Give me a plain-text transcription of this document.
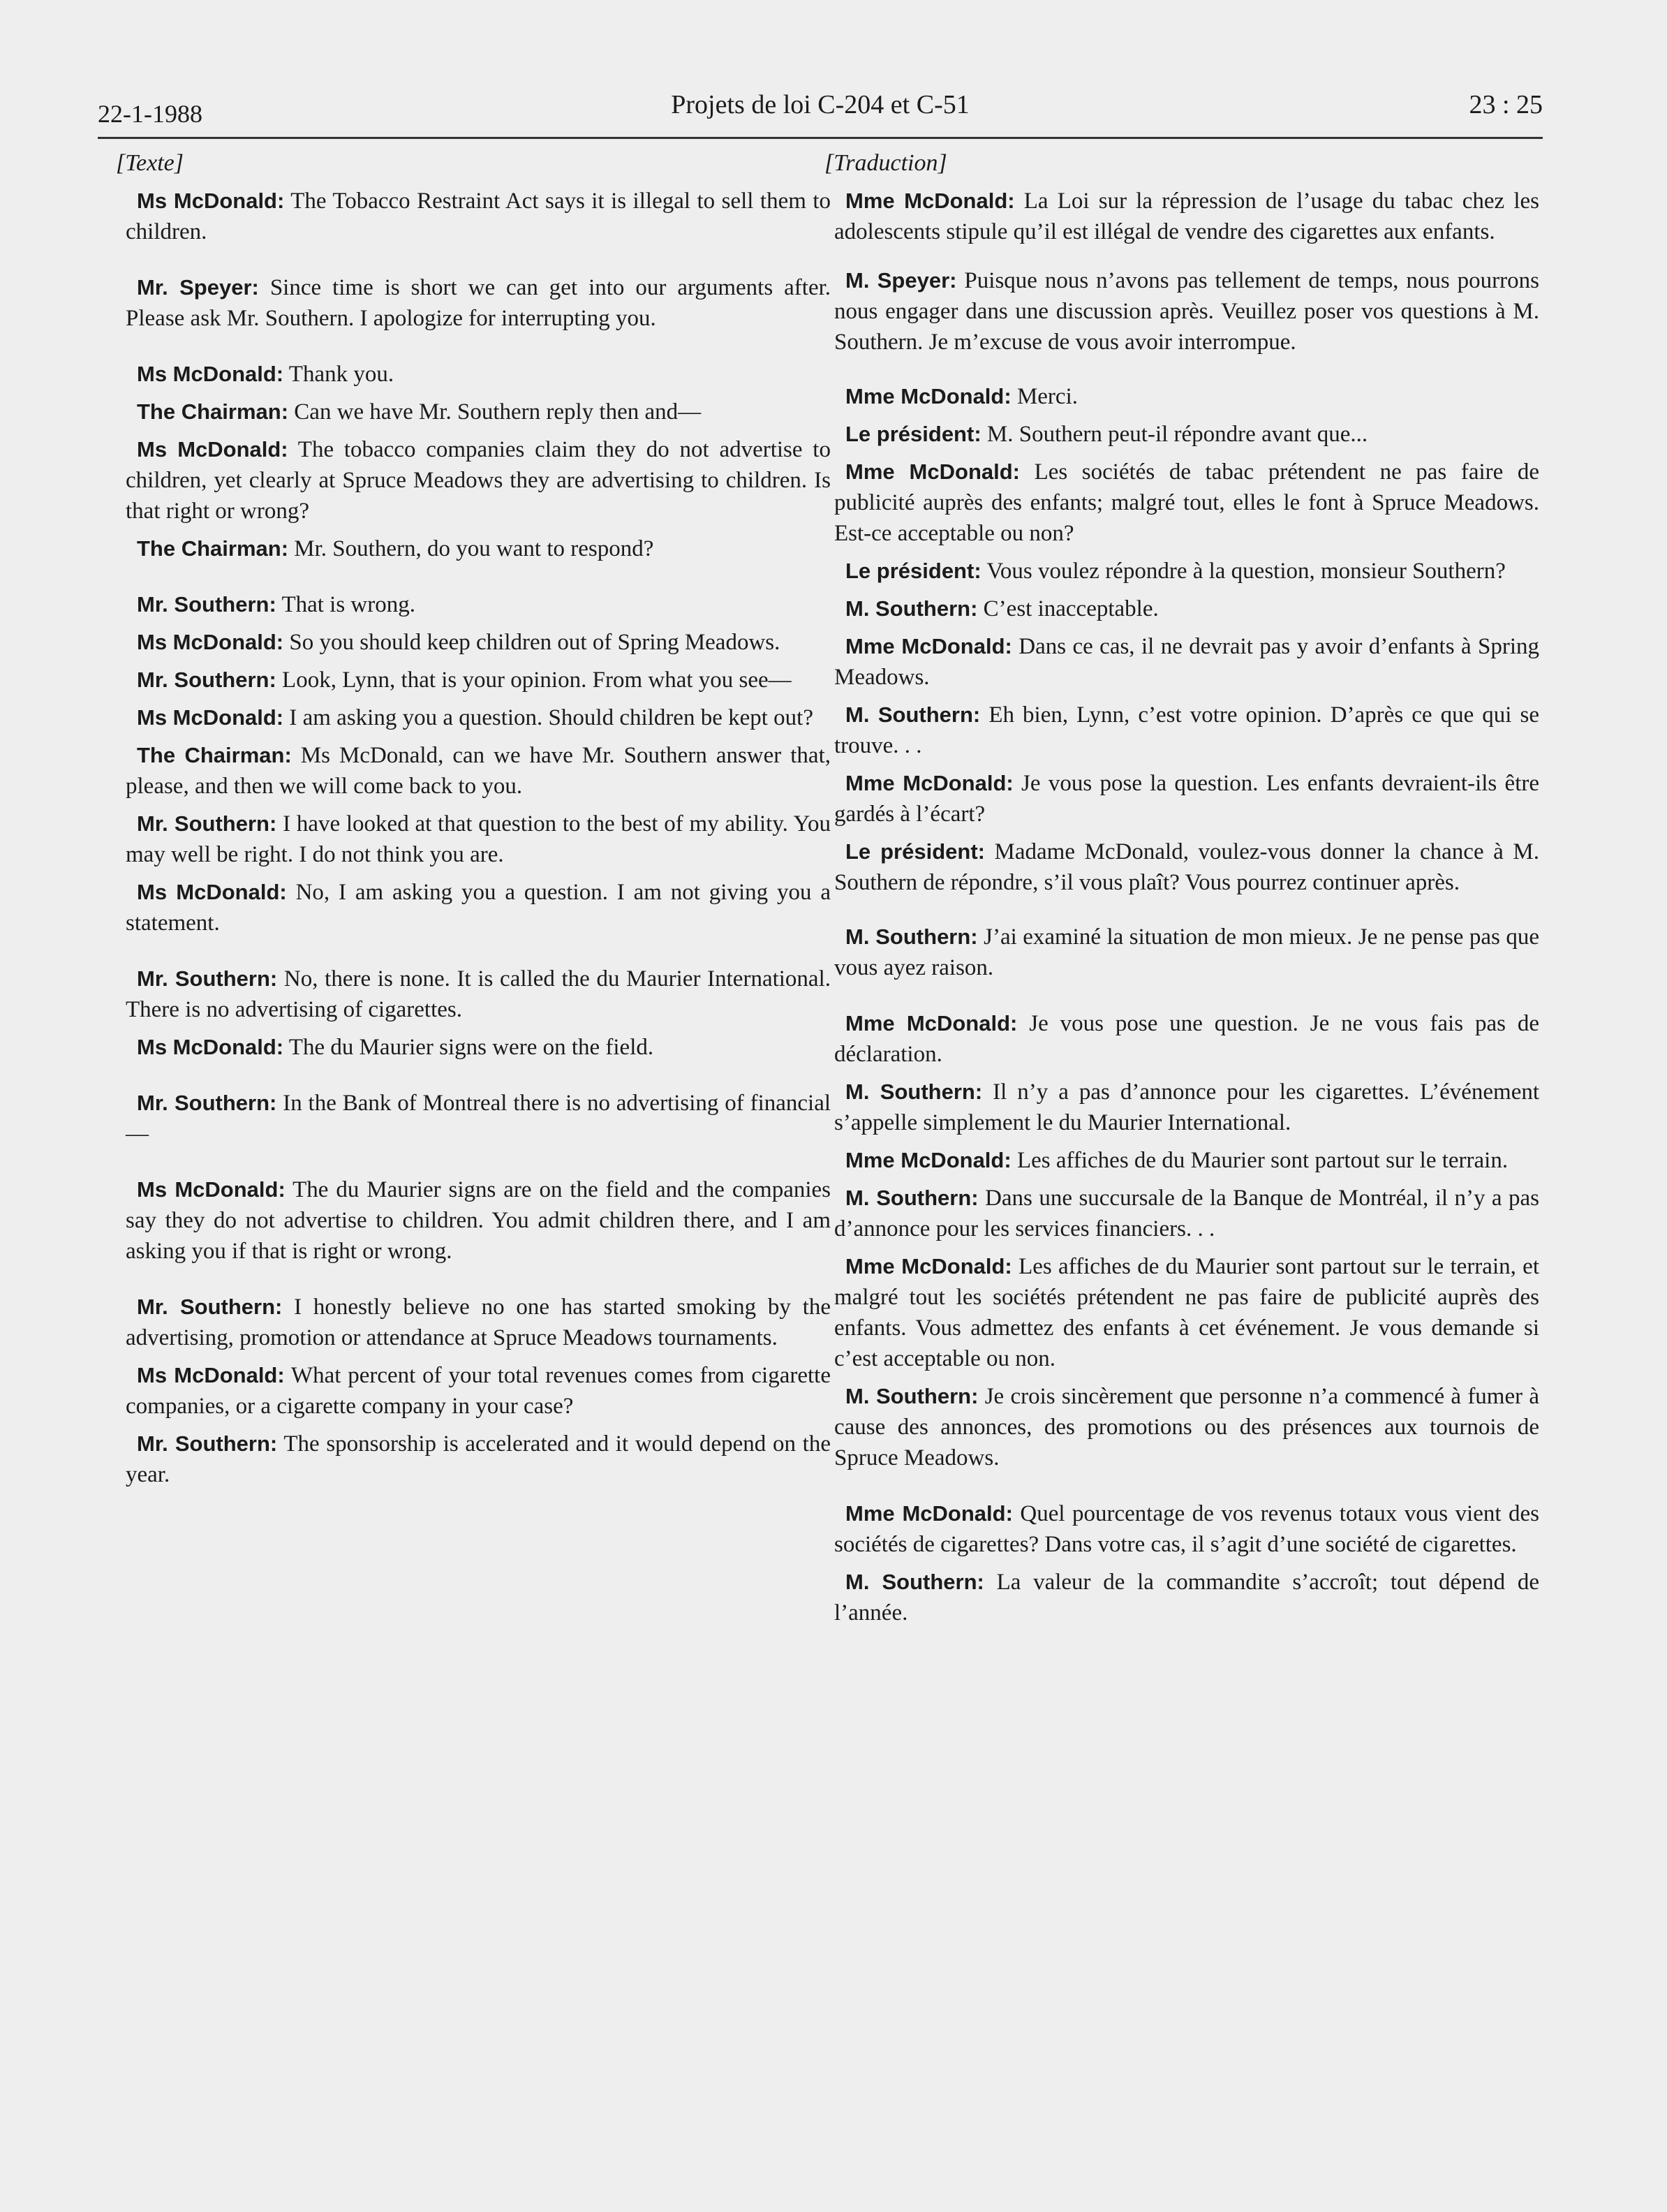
22-1-1988	Projets de loi C-204 et C-51	23 : 25
[Texte]

Ms McDonald: The Tobacco Restraint Act says it is illegal to sell them to children.

Mr. Speyer: Since time is short we can get into our arguments after. Please ask Mr. Southern. I apologize for interrupting you.

Ms McDonald: Thank you.

The Chairman: Can we have Mr. Southern reply then and—

Ms McDonald: The tobacco companies claim they do not advertise to children, yet clearly at Spruce Meadows they are advertising to children. Is that right or wrong?

The Chairman: Mr. Southern, do you want to respond?

Mr. Southern: That is wrong.

Ms McDonald: So you should keep children out of Spring Meadows.

Mr. Southern: Look, Lynn, that is your opinion. From what you see—

Ms McDonald: I am asking you a question. Should children be kept out?

The Chairman: Ms McDonald, can we have Mr. Southern answer that, please, and then we will come back to you.

Mr. Southern: I have looked at that question to the best of my ability. You may well be right. I do not think you are.

Ms McDonald: No, I am asking you a question. I am not giving you a statement.

Mr. Southern: No, there is none. It is called the du Maurier International. There is no advertising of cigarettes.

Ms McDonald: The du Maurier signs were on the field.

Mr. Southern: In the Bank of Montreal there is no advertising of financial—

Ms McDonald: The du Maurier signs are on the field and the companies say they do not advertise to children. You admit children there, and I am asking you if that is right or wrong.

Mr. Southern: I honestly believe no one has started smoking by the advertising, promotion or attendance at Spruce Meadows tournaments.

Ms McDonald: What percent of your total revenues comes from cigarette companies, or a cigarette company in your case?

Mr. Southern: The sponsorship is accelerated and it would depend on the year.

[Traduction]

Mme McDonald: La Loi sur la répression de l’usage du tabac chez les adolescents stipule qu’il est illégal de vendre des cigarettes aux enfants.

M. Speyer: Puisque nous n’avons pas tellement de temps, nous pourrons nous engager dans une discussion après. Veuillez poser vos questions à M. Southern. Je m’excuse de vous avoir interrompue.

Mme McDonald: Merci.

Le président: M. Southern peut-il répondre avant que...

Mme McDonald: Les sociétés de tabac prétendent ne pas faire de publicité auprès des enfants; malgré tout, elles le font à Spruce Meadows. Est-ce acceptable ou non?

Le président: Vous voulez répondre à la question, monsieur Southern?

M. Southern: C’est inacceptable.

Mme McDonald: Dans ce cas, il ne devrait pas y avoir d’enfants à Spring Meadows.

M. Southern: Eh bien, Lynn, c’est votre opinion. D’après ce que qui se trouve. . .

Mme McDonald: Je vous pose la question. Les enfants devraient-ils être gardés à l’écart?

Le président: Madame McDonald, voulez-vous donner la chance à M. Southern de répondre, s’il vous plaît? Vous pourrez continuer après.

M. Southern: J’ai examiné la situation de mon mieux. Je ne pense pas que vous ayez raison.

Mme McDonald: Je vous pose une question. Je ne vous fais pas de déclaration.

M. Southern: Il n’y a pas d’annonce pour les cigarettes. L’événement s’appelle simplement le du Maurier International.

Mme McDonald: Les affiches de du Maurier sont partout sur le terrain.

M. Southern: Dans une succursale de la Banque de Montréal, il n’y a pas d’annonce pour les services financiers. . .

Mme McDonald: Les affiches de du Maurier sont partout sur le terrain, et malgré tout les sociétés prétendent ne pas faire de publicité auprès des enfants. Vous admettez des enfants à cet événement. Je vous demande si c’est acceptable ou non.

M. Southern: Je crois sincèrement que personne n’a commencé à fumer à cause des annonces, des promotions ou des présences aux tournois de Spruce Meadows.

Mme McDonald: Quel pourcentage de vos revenus totaux vous vient des sociétés de cigarettes? Dans votre cas, il s’agit d’une société de cigarettes.

M. Southern: La valeur de la commandite s’accroît; tout dépend de l’année.
